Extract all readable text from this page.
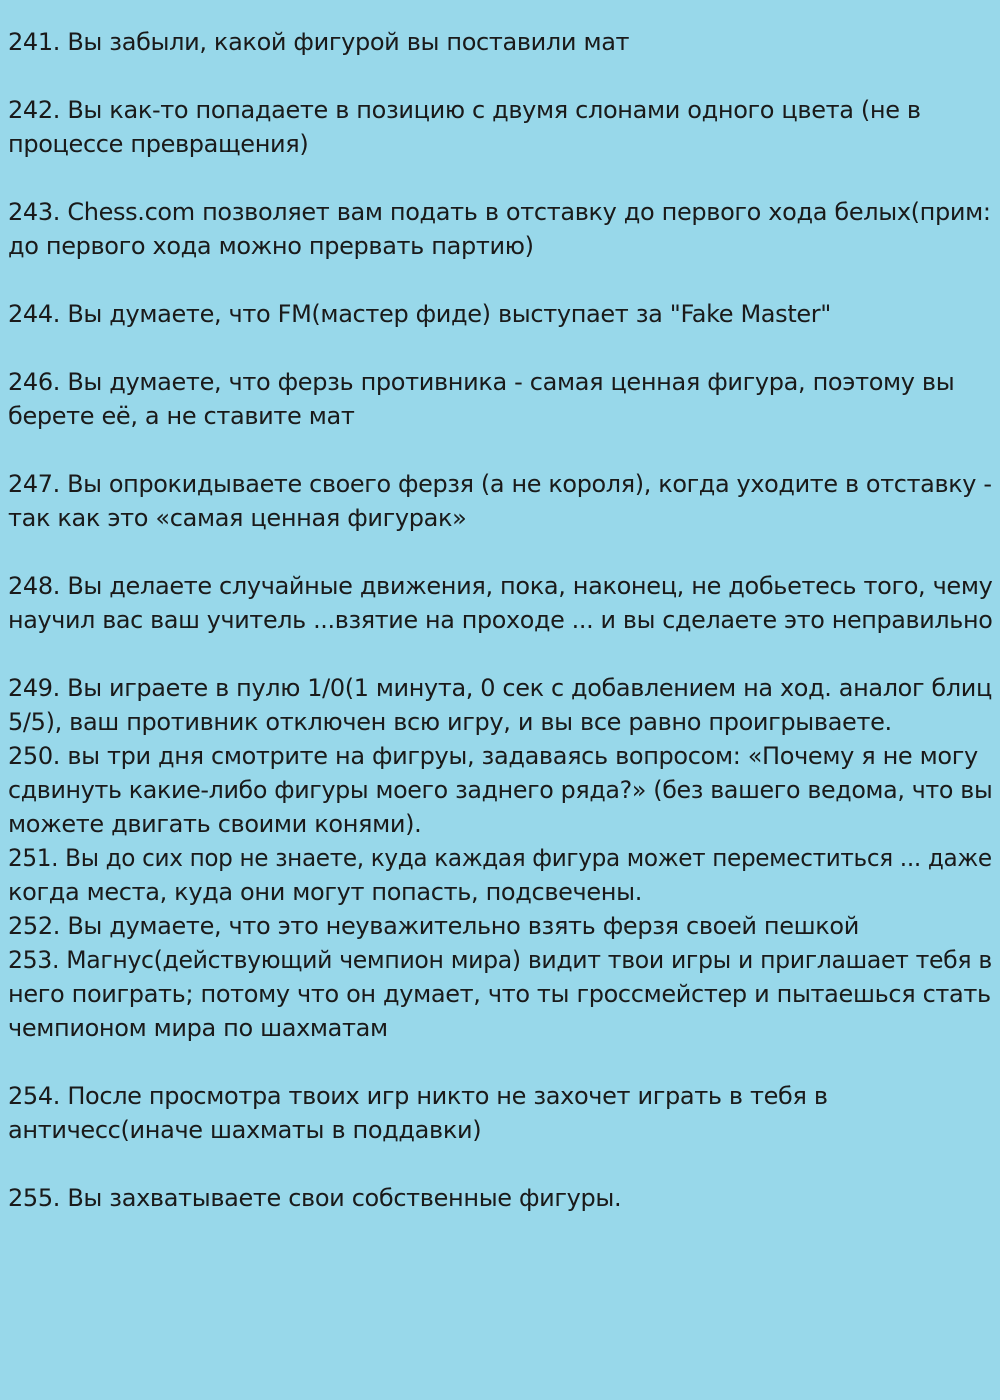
241. Вы забыли, какой фигурой вы поставили мат
242. Вы как-то попадаете в позицию с двумя слонами одного цвета (не в
процессе превращения)
243. Chess.com позволяет вам подать в отставку до первого хода белых(прим:
до первого хода можно прервать партию)
244. Вы думаете, что FM(мастер фиде) выступает за "Fake Master"
246. Вы думаете, что ферзь противника - самая ценная фигура, поэтому вы
берете её, а не ставите мат
247. Вы опрокидываете своего ферзя (а не короля), когда уходите в отставку -
так как это «самая ценная фигурак»
248. Вы делаете случайные движения, пока, наконец, не добьетесь того, чему
научил вас ваш учитель ...взятие на проходе ... и вы сделаете это неправильно
249. Вы играете в пулю 1/0(1 минута, 0 сек с добавлением на ход. аналог блиц
5/5), ваш противник отключен всю игру, и вы все равно проигрываете.
250. вы три дня смотрите на фигруы, задаваясь вопросом: «Почему я не могу
сдвинуть какие-либо фигуры моего заднего ряда?» (без вашего ведома, что вы
можете двигать своими конями).
251. Вы до сих пор не знаете, куда каждая фигура может переместиться ... даже
когда места, куда они могут попасть, подсвечены.
252. Вы думаете, что это неуважительно взять ферзя своей пешкой
253. Магнус(действующий чемпион мира) видит твои игры и приглашает тебя в
него поиграть; потому что он думает, что ты гроссмейстер и пытаешься стать
чемпионом мира по шахматам
254. После просмотра твоих игр никто не захочет играть в тебя в
античесс(иначе шахматы в поддавки)
255. Вы захватываете свои собственные фигуры.
